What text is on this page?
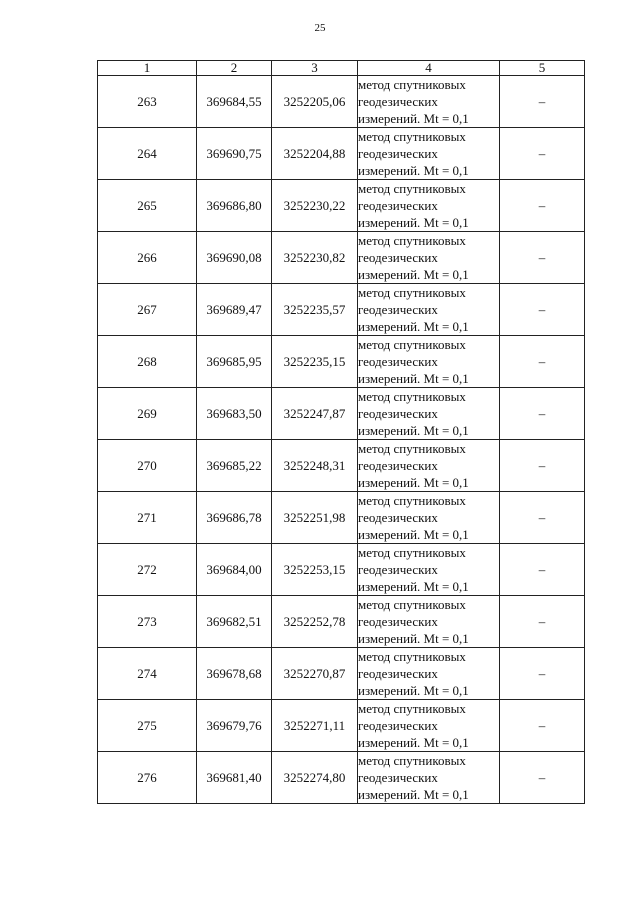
25
1	2	3	4	5
263	369684,55	3252205,06	метод спутниковых геодезических измерений. Mt = 0,1	–
264	369690,75	3252204,88	метод спутниковых геодезических измерений. Mt = 0,1	–
265	369686,80	3252230,22	метод спутниковых геодезических измерений. Mt = 0,1	–
266	369690,08	3252230,82	метод спутниковых геодезических измерений. Mt = 0,1	–
267	369689,47	3252235,57	метод спутниковых геодезических измерений. Mt = 0,1	–
268	369685,95	3252235,15	метод спутниковых геодезических измерений. Mt = 0,1	–
269	369683,50	3252247,87	метод спутниковых геодезических измерений. Mt = 0,1	–
270	369685,22	3252248,31	метод спутниковых геодезических измерений. Mt = 0,1	–
271	369686,78	3252251,98	метод спутниковых геодезических измерений. Mt = 0,1	–
272	369684,00	3252253,15	метод спутниковых геодезических измерений. Mt = 0,1	–
273	369682,51	3252252,78	метод спутниковых геодезических измерений. Mt = 0,1	–
274	369678,68	3252270,87	метод спутниковых геодезических измерений. Mt = 0,1	–
275	369679,76	3252271,11	метод спутниковых геодезических измерений. Mt = 0,1	–
276	369681,40	3252274,80	метод спутниковых геодезических измерений. Mt = 0,1	–
